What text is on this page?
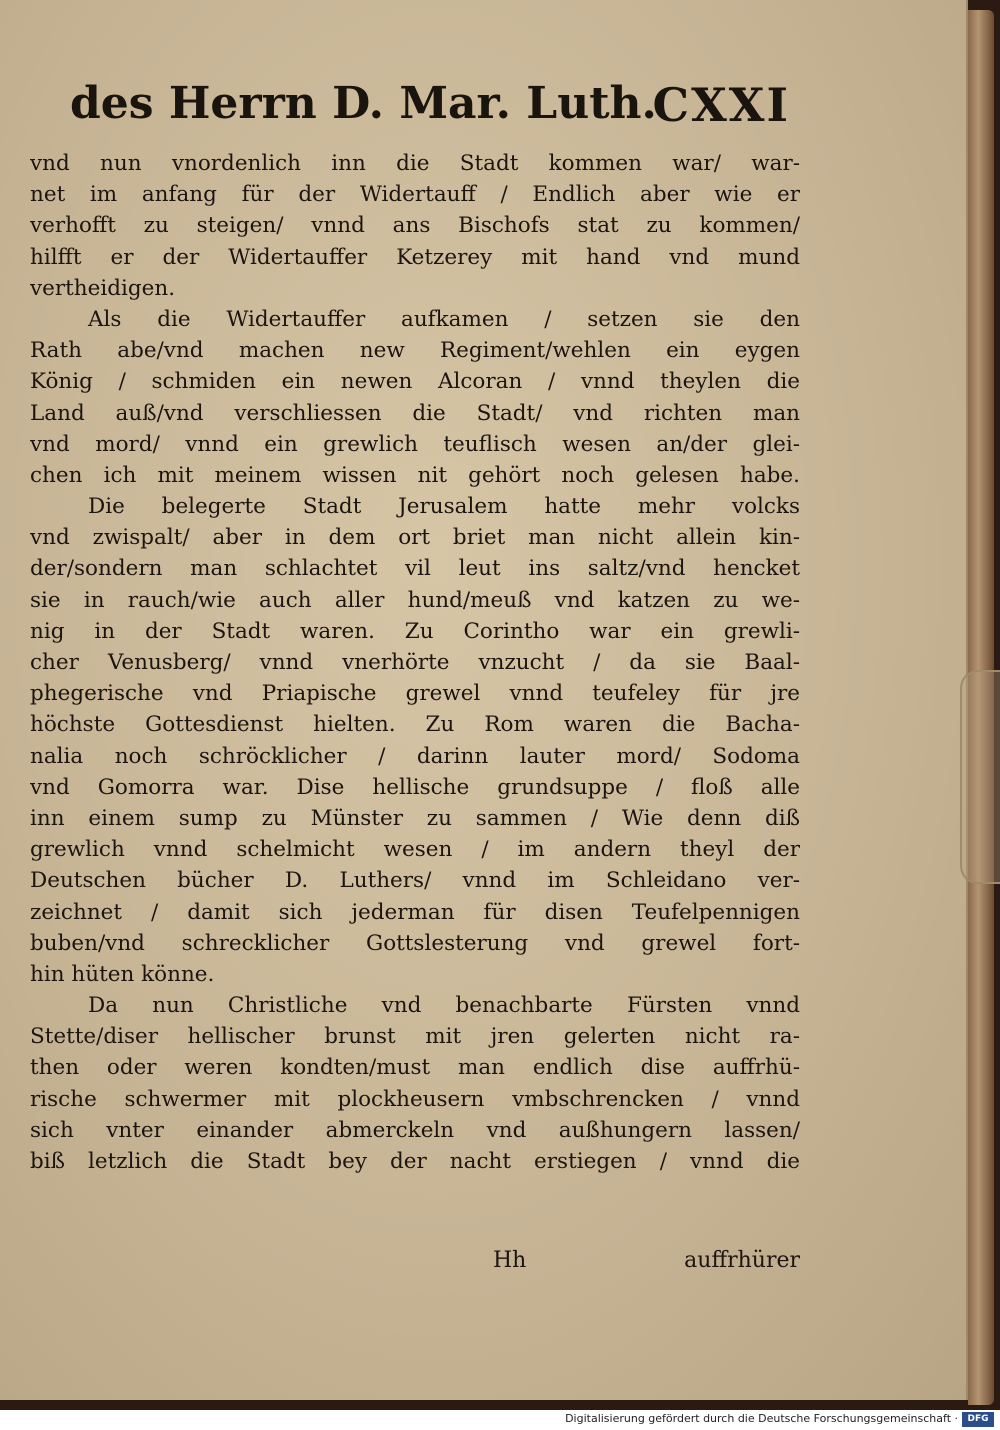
des Herrn D. Mar. Luth.
CXXI
vnd nun vnordenlich inn die Stadt kommen war/ war-
net im anfang für der Widertauff / Endlich aber wie er
verhofft zu steigen/ vnnd ans Bischofs stat zu kommen/
hilfft er der Widertauffer Ketzerey mit hand vnd mund
vertheidigen.
Als die Widertauffer aufkamen / setzen sie den
Rath abe/vnd machen new Regiment/wehlen ein eygen
König / schmiden ein newen Alcoran / vnnd theylen die
Land auß/vnd verschliessen die Stadt/ vnd richten man
vnd mord/ vnnd ein grewlich teuflisch wesen an/der glei-
chen ich mit meinem wissen nit gehört noch gelesen habe.
Die belegerte Stadt Jerusalem hatte mehr volcks
vnd zwispalt/ aber in dem ort briet man nicht allein kin-
der/sondern man schlachtet vil leut ins saltz/vnd hencket
sie in rauch/wie auch aller hund/meuß vnd katzen zu we-
nig in der Stadt waren. Zu Corintho war ein grewli-
cher Venusberg/ vnnd vnerhörte vnzucht / da sie Baal-
phegerische vnd Priapische grewel vnnd teufeley für jre
höchste Gottesdienst hielten. Zu Rom waren die Bacha-
nalia noch schröcklicher / darinn lauter mord/ Sodoma
vnd Gomorra war. Dise hellische grundsuppe / floß alle
inn einem sump zu Münster zu sammen / Wie denn diß
grewlich vnnd schelmicht wesen / im andern theyl der
Deutschen bücher D. Luthers/ vnnd im Schleidano ver-
zeichnet / damit sich jederman für disen Teufelpennigen
buben/vnd schrecklicher Gottslesterung vnd grewel fort-
hin hüten könne.
Da nun Christliche vnd benachbarte Fürsten vnnd
Stette/diser hellischer brunst mit jren gelerten nicht ra-
then oder weren kondten/must man endlich dise auffrhü-
rische schwermer mit plockheusern vmbschrencken / vnnd
sich vnter einander abmerckeln vnd außhungern lassen/
biß letzlich die Stadt bey der nacht erstiegen / vnnd die
Hh	auffrhürer
Digitalisierung gefördert durch die Deutsche Forschungsgemeinschaft ·	DFG
